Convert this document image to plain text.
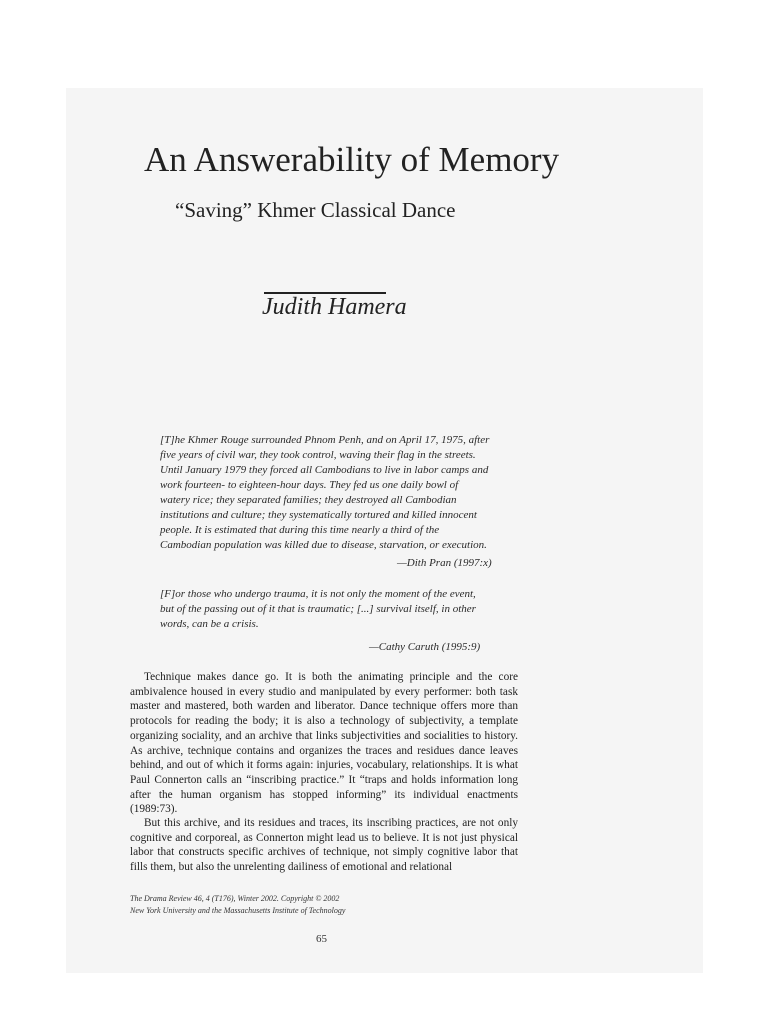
An Answerability of Memory
“Saving” Khmer Classical Dance
Judith Hamera

[T]he Khmer Rouge surrounded Phnom Penh, and on April 17, 1975, after five years of civil war, they took control, waving their flag in the streets. Until January 1979 they forced all Cambodians to live in labor camps and work fourteen- to eighteen-hour days. They fed us one daily bowl of watery rice; they separated families; they destroyed all Cambodian institutions and culture; they systematically tortured and killed innocent people. It is estimated that during this time nearly a third of the Cambodian population was killed due to disease, starvation, or execution.

—Dith Pran (1997:x)

[F]or those who undergo trauma, it is not only the moment of the event, but of the passing out of it that is traumatic; [...] survival itself, in other words, can be a crisis.

—Cathy Caruth (1995:9)

Technique makes dance go. It is both the animating principle and the core ambivalence housed in every studio and manipulated by every performer: both task master and mastered, both warden and liberator. Dance technique offers more than protocols for reading the body; it is also a technology of subjectivity, a template organizing sociality, and an archive that links subjectivities and socialities to history. As archive, technique contains and organizes the traces and residues dance leaves behind, and out of which it forms again: injuries, vocabulary, relationships. It is what Paul Connerton calls an “inscribing practice.” It “traps and holds information long after the human organism has stopped informing” its individual enactments (1989:73).

But this archive, and its residues and traces, its inscribing practices, are not only cognitive and corporeal, as Connerton might lead us to believe. It is not just physical labor that constructs specific archives of technique, not simply cognitive labor that fills them, but also the unrelenting dailiness of emotional and relational

The Drama Review 46, 4 (T176), Winter 2002. Copyright © 2002
New York University and the Massachusetts Institute of Technology
65
